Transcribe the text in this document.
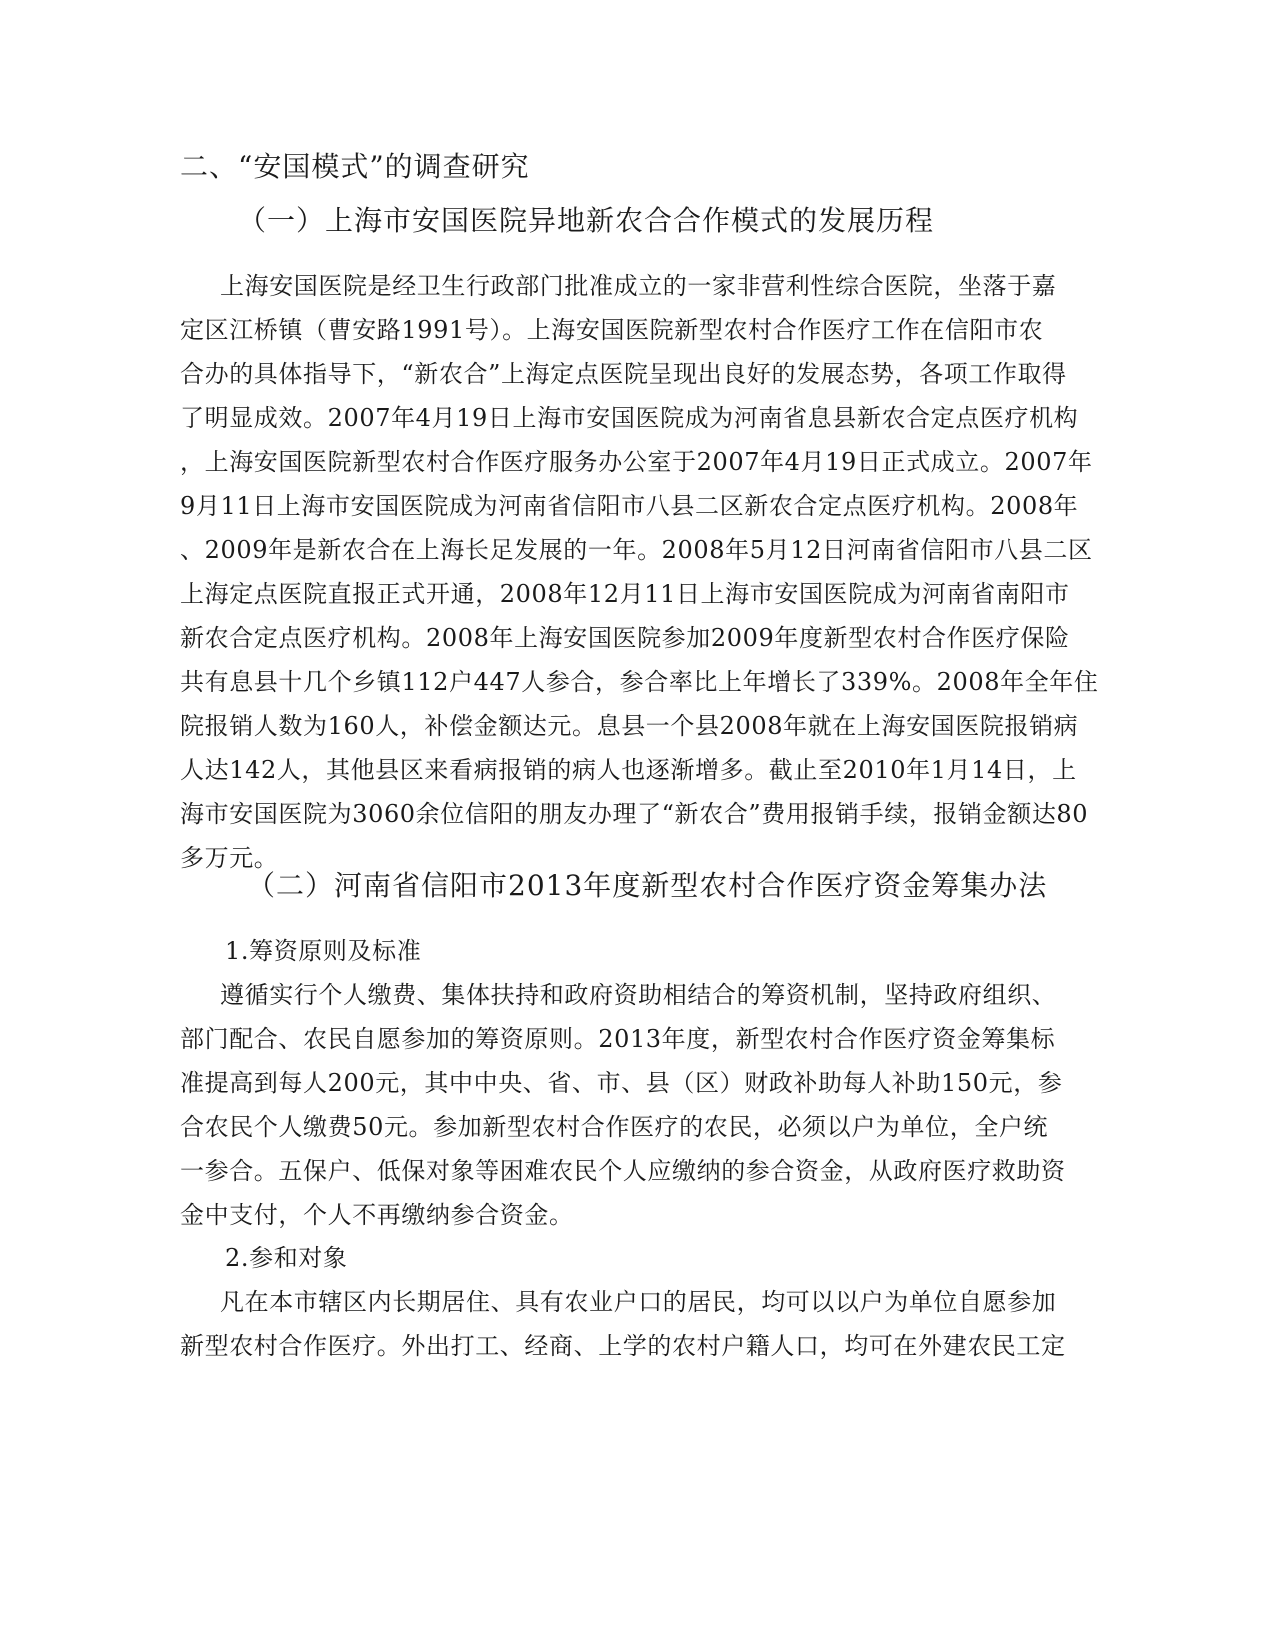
二、“安国模式”的调查研究
（一）上海市安国医院异地新农合合作模式的发展历程
上海安国医院是经卫生行政部门批准成立的一家非营利性综合医院，坐落于嘉
定区江桥镇（曹安路1991号）。上海安国医院新型农村合作医疗工作在信阳市农
合办的具体指导下，“新农合”上海定点医院呈现出良好的发展态势，各项工作取得
了明显成效。2007年4月19日上海市安国医院成为河南省息县新农合定点医疗机构
，上海安国医院新型农村合作医疗服务办公室于2007年4月19日正式成立。2007年
9月11日上海市安国医院成为河南省信阳市八县二区新农合定点医疗机构。2008年
、2009年是新农合在上海长足发展的一年。2008年5月12日河南省信阳市八县二区
上海定点医院直报正式开通，2008年12月11日上海市安国医院成为河南省南阳市
新农合定点医疗机构。2008年上海安国医院参加2009年度新型农村合作医疗保险
共有息县十几个乡镇112户447人参合，参合率比上年增长了339%。2008年全年住
院报销人数为160人，补偿金额达元。息县一个县2008年就在上海安国医院报销病
人达142人，其他县区来看病报销的病人也逐渐增多。截止至2010年1月14日，上
海市安国医院为3060余位信阳的朋友办理了“新农合”费用报销手续，报销金额达80
多万元。
（二）河南省信阳市2013年度新型农村合作医疗资金筹集办法
1.筹资原则及标准
遵循实行个人缴费、集体扶持和政府资助相结合的筹资机制，坚持政府组织、
部门配合、农民自愿参加的筹资原则。2013年度，新型农村合作医疗资金筹集标
准提高到每人200元，其中中央、省、市、县（区）财政补助每人补助150元，参
合农民个人缴费50元。参加新型农村合作医疗的农民，必须以户为单位，全户统
一参合。五保户、低保对象等困难农民个人应缴纳的参合资金，从政府医疗救助资
金中支付，个人不再缴纳参合资金。
2.参和对象
凡在本市辖区内长期居住、具有农业户口的居民，均可以以户为单位自愿参加
新型农村合作医疗。外出打工、经商、上学的农村户籍人口，均可在外建农民工定
